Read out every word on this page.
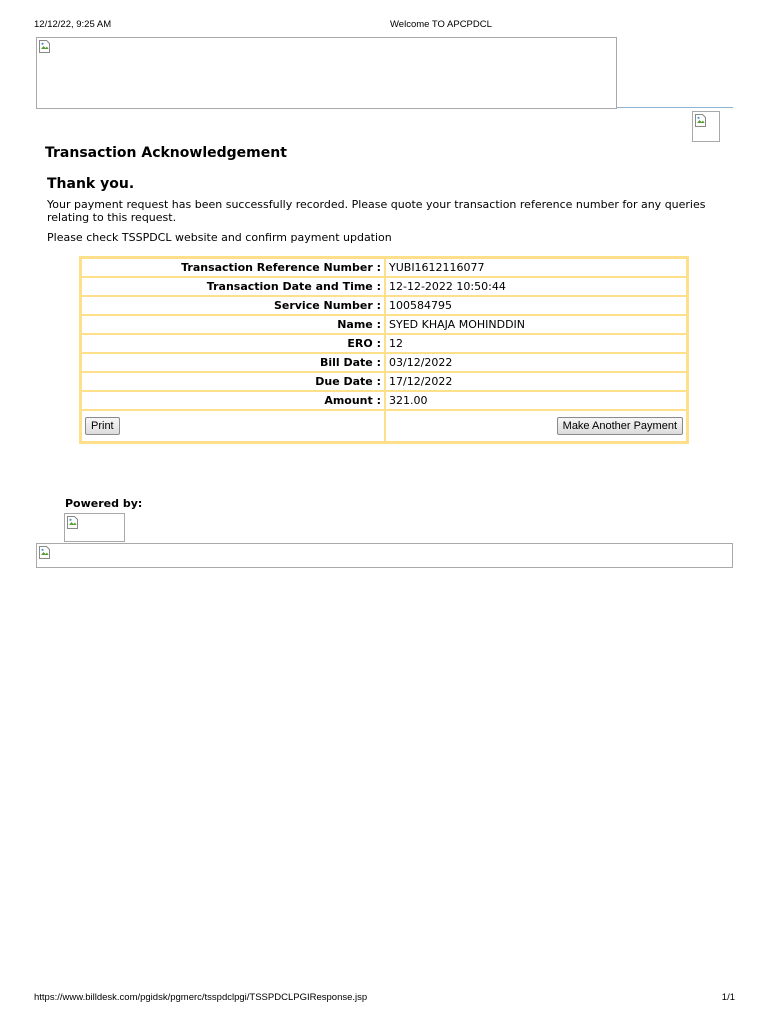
12/12/22, 9:25 AM	Welcome TO APCPDCL
Transaction Acknowledgement
Thank you.
Your payment request has been successfully recorded. Please quote your transaction reference number for any queries relating to this request.
Please check TSSPDCL website and confirm payment updation
Transaction Reference Number :	YUBI1612116077
Transaction Date and Time :	12-12-2022 10:50:44
Service Number :	100584795
Name :	SYED KHAJA MOHINDDIN
ERO :	12
Bill Date :	03/12/2022
Due Date :	17/12/2022
Amount :	321.00
Print	Make Another Payment
Powered by:
https://www.billdesk.com/pgidsk/pgmerc/tsspdclpgi/TSSPDCLPGIResponse.jsp	1/1
